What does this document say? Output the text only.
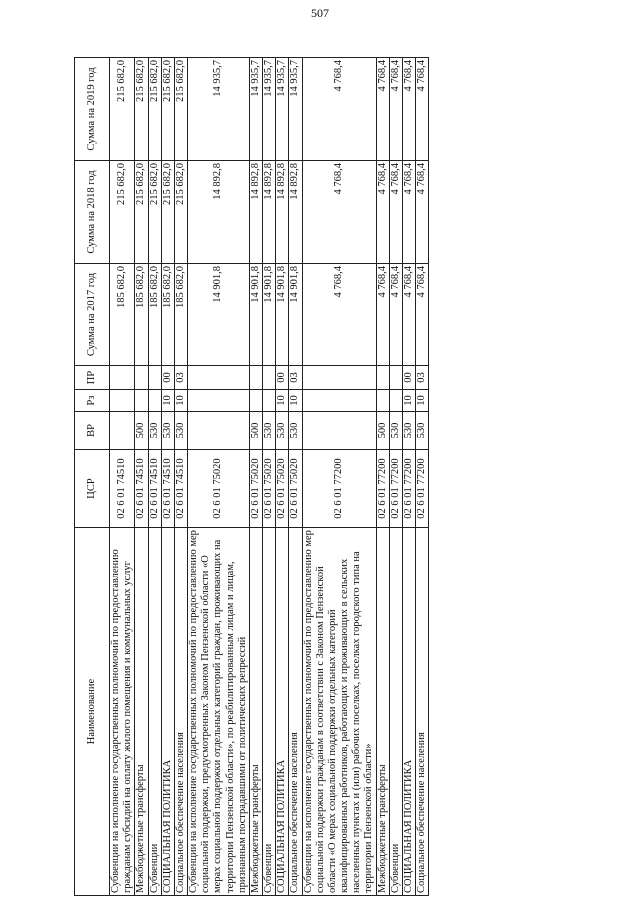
507
Наименование	ЦСР	ВР	Рз	ПР	Сумма на 2017 год	Сумма на 2018 год	Сумма на 2019 год
Субвенции на исполнение государственных полномочий по предоставлению гражданам субсидий на оплату жилого помещения и коммунальных услуг	02 6 01 74510				185 682,0	215 682,0	215 682,0
Межбюджетные трансферты	02 6 01 74510	500			185 682,0	215 682,0	215 682,0
Субвенции	02 6 01 74510	530			185 682,0	215 682,0	215 682,0
СОЦИАЛЬНАЯ ПОЛИТИКА	02 6 01 74510	530	10	00	185 682,0	215 682,0	215 682,0
Социальное обеспечение населения	02 6 01 74510	530	10	03	185 682,0	215 682,0	215 682,0
Субвенции на исполнение государственных полномочий по предоставлению мер социальной поддержки, предусмотренных Законом Пензенской области «О мерах социальной поддержки отдельных категорий граждан, проживающих на территории Пензенской области», по реабилитированным лицам и лицам, признанным пострадавшими от политических репрессий	02 6 01 75020				14 901,8	14 892,8	14 935,7
Межбюджетные трансферты	02 6 01 75020	500			14 901,8	14 892,8	14 935,7
Субвенции	02 6 01 75020	530			14 901,8	14 892,8	14 935,7
СОЦИАЛЬНАЯ ПОЛИТИКА	02 6 01 75020	530	10	00	14 901,8	14 892,8	14 935,7
Социальное обеспечение населения	02 6 01 75020	530	10	03	14 901,8	14 892,8	14 935,7
Субвенции на исполнение государственных полномочий по предоставлению мер социальной поддержки гражданам в соответствии с Законом Пензенской области «О мерах социальной поддержки отдельных категорий квалифицированных работников, работающих и проживающих в сельских населенных пунктах и (или) рабочих поселках, поселках городского типа на территории Пензенской области»	02 6 01 77200				4 768,4	4 768,4	4 768,4
Межбюджетные трансферты	02 6 01 77200	500			4 768,4	4 768,4	4 768,4
Субвенции	02 6 01 77200	530			4 768,4	4 768,4	4 768,4
СОЦИАЛЬНАЯ ПОЛИТИКА	02 6 01 77200	530	10	00	4 768,4	4 768,4	4 768,4
Социальное обеспечение населения	02 6 01 77200	530	10	03	4 768,4	4 768,4	4 768,4
